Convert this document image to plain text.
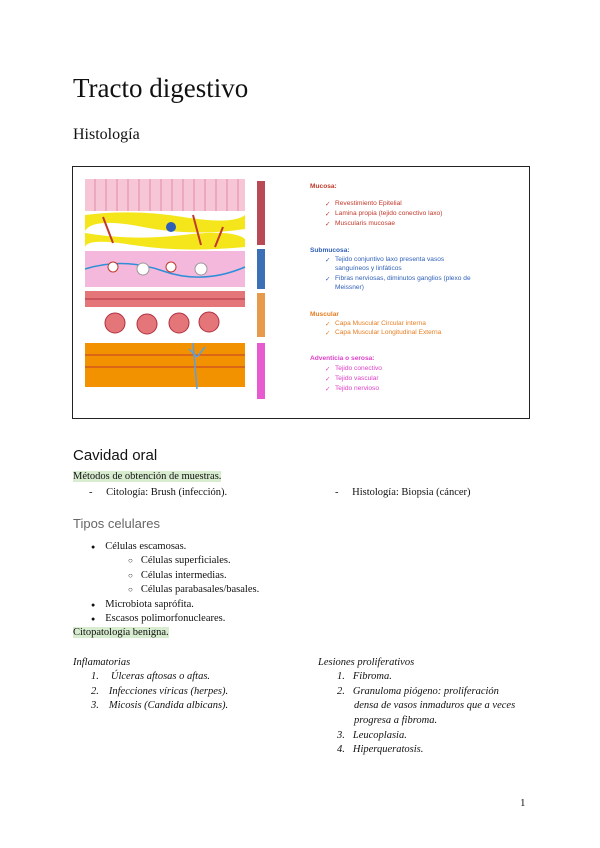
Tracto digestivo
Histología
Mucosa:
Revestimiento Epitelial
Lamina propia (tejido conectivo laxo)
Muscularis mucosae
✓
✓
✓
Submucosa:
Tejido conjuntivo laxo presenta vasos
sanguíneos y linfáticos
Fibras nerviosas, diminutos ganglios (plexo de
Meissner)
✓
✓
Muscular
Capa Muscular Circular interna
Capa Muscular Longitudinal Externa
✓
✓
Adventicia o serosa:
Tejido conectivo
Tejido vascular
Tejido nervioso
✓
✓
✓
Cavidad oral
Métodos de obtención de muestras.
- Citología: Brush (infección).	- Histología: Biopsia (cáncer)
Tipos celulares
● Células escamosas.
○ Células superficiales.
○ Células intermedias.
○ Células parabasales/basales.
● Microbiota saprófita.
● Escasos polimorfonucleares.
Citopatología benigna.
Inflamatorias
1. Úlceras aftosas o aftas.
2. Infecciones víricas (herpes).
3. Micosis (Candida albicans).
Lesiones proliferativos
1. Fibroma.
2. Granuloma piógeno: proliferación
densa de vasos inmaduros que a veces
progresa a fibroma.
3. Leucoplasia.
4. Hiperqueratosis.
1
